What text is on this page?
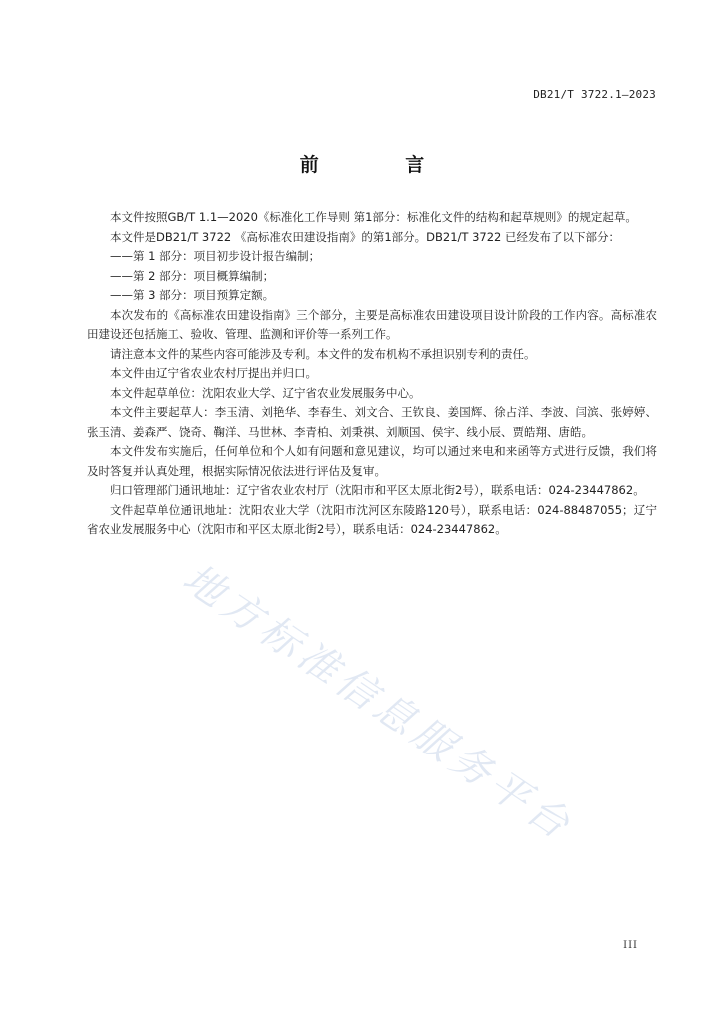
DB21/T 3722.1—2023
前 言

本文件按照GB/T 1.1—2020《标准化工作导则 第1部分：标准化文件的结构和起草规则》的规定起草。

本文件是DB21/T 3722 《高标准农田建设指南》的第1部分。DB21/T 3722 已经发布了以下部分：

——第 1 部分：项目初步设计报告编制；

——第 2 部分：项目概算编制；

——第 3 部分：项目预算定额。

本次发布的《高标准农田建设指南》三个部分，主要是高标准农田建设项目设计阶段的工作内容。高标准农田建设还包括施工、验收、管理、监测和评价等一系列工作。

请注意本文件的某些内容可能涉及专利。本文件的发布机构不承担识别专利的责任。

本文件由辽宁省农业农村厅提出并归口。

本文件起草单位：沈阳农业大学、辽宁省农业发展服务中心。

本文件主要起草人：李玉清、刘艳华、李春生、刘文合、王钦良、姜国辉、徐占洋、李波、闫滨、张婷婷、张玉清、姜森严、饶奇、鞠洋、马世林、李青柏、刘秉祺、刘顺国、侯宇、线小辰、贾皓翔、唐皓。

本文件发布实施后，任何单位和个人如有问题和意见建议，均可以通过来电和来函等方式进行反馈，我们将及时答复并认真处理，根据实际情况依法进行评估及复审。

归口管理部门通讯地址：辽宁省农业农村厅（沈阳市和平区太原北街2号），联系电话：024-23447862。

文件起草单位通讯地址：沈阳农业大学（沈阳市沈河区东陵路120号），联系电话：024-88487055；辽宁省农业发展服务中心（沈阳市和平区太原北街2号），联系电话：024-23447862。

地方标准信息服务平台
III
